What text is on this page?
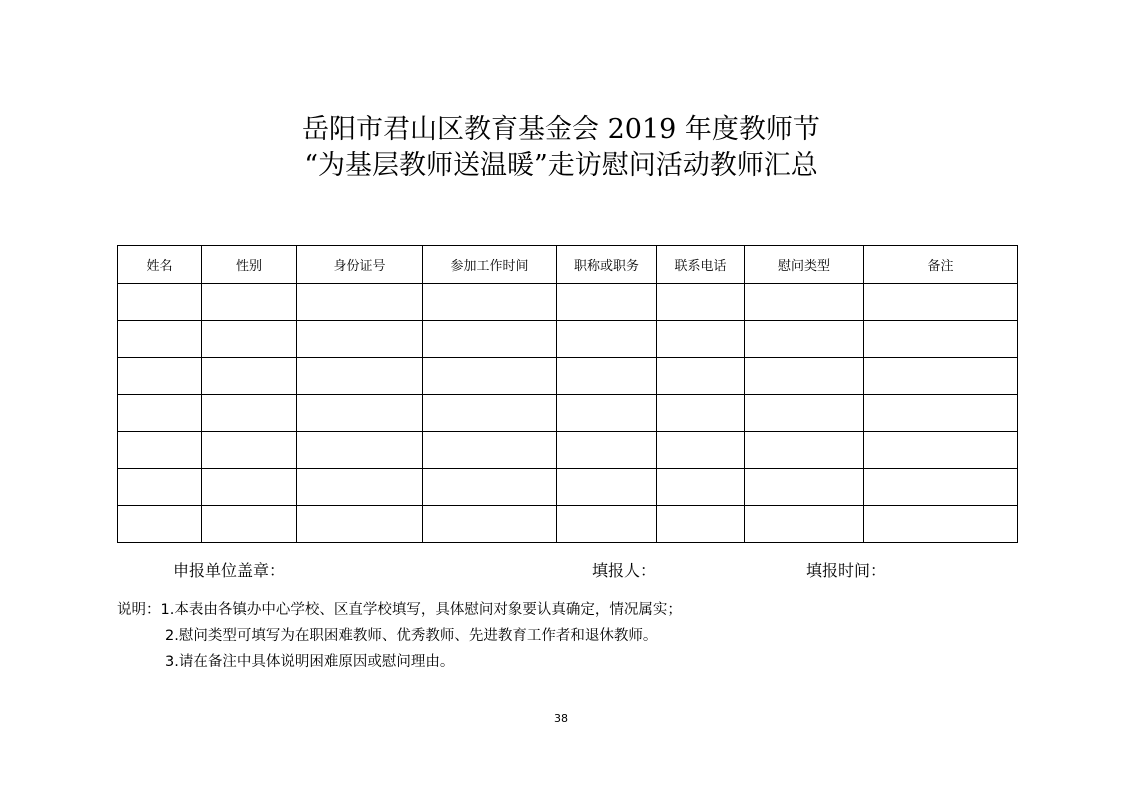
岳阳市君山区教育基金会 2019 年度教师节
“为基层教师送温暖”走访慰问活动教师汇总
姓名	性别	身份证号	参加工作时间	职称或职务	联系电话	慰问类型	备注

申报单位盖章：	填报人：	填报时间：
说明：1.本表由各镇办中心学校、区直学校填写，具体慰问对象要认真确定，情况属实；
2.慰问类型可填写为在职困难教师、优秀教师、先进教育工作者和退休教师。
3.请在备注中具体说明困难原因或慰问理由。
38
